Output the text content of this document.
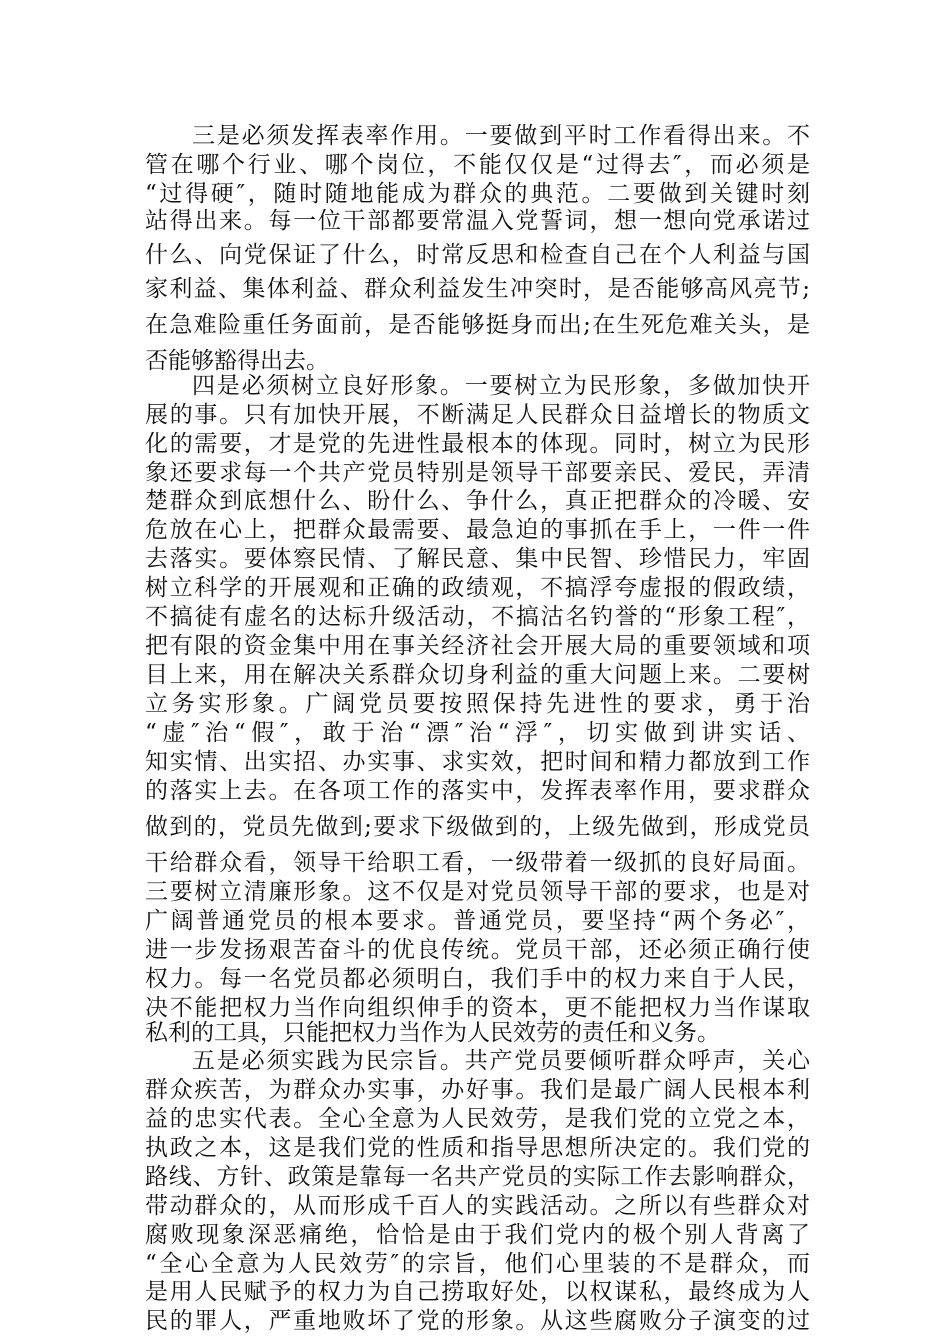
三是必须发挥表率作用。一要做到平时工作看得出来。不
管在哪个行业、哪个岗位，不能仅仅是“过得去″，而必须是
“过得硬″，随时随地能成为群众的典范。二要做到关键时刻
站得出来。每一位干部都要常温入党誓词，想一想向党承诺过
什么、向党保证了什么，时常反思和检查自己在个人利益与国
家利益、集体利益、群众利益发生冲突时，是否能够高风亮节;
在急难险重任务面前，是否能够挺身而出;在生死危难关头，是
否能够豁得出去。
四是必须树立良好形象。一要树立为民形象，多做加快开
展的事。只有加快开展，不断满足人民群众日益增长的物质文
化的需要，才是党的先进性最根本的体现。同时，树立为民形
象还要求每一个共产党员特别是领导干部要亲民、爱民，弄清
楚群众到底想什么、盼什么、争什么，真正把群众的冷暖、安
危放在心上，把群众最需要、最急迫的事抓在手上，一件一件
去落实。要体察民情、了解民意、集中民智、珍惜民力，牢固
树立科学的开展观和正确的政绩观，不搞浮夸虚报的假政绩，
不搞徒有虚名的达标升级活动，不搞沽名钓誉的“形象工程″，
把有限的资金集中用在事关经济社会开展大局的重要领域和项
目上来，用在解决关系群众切身利益的重大问题上来。二要树
立务实形象。广阔党员要按照保持先进性的要求，勇于治
“虚″治“假″，敢于治“漂″治“浮″，切实做到讲实话、
知实情、出实招、办实事、求实效，把时间和精力都放到工作
的落实上去。在各项工作的落实中，发挥表率作用，要求群众
做到的，党员先做到;要求下级做到的，上级先做到，形成党员
干给群众看，领导干给职工看，一级带着一级抓的良好局面。
三要树立清廉形象。这不仅是对党员领导干部的要求，也是对
广阔普通党员的根本要求。普通党员，要坚持“两个务必″，
进一步发扬艰苦奋斗的优良传统。党员干部，还必须正确行使
权力。每一名党员都必须明白，我们手中的权力来自于人民，
决不能把权力当作向组织伸手的资本，更不能把权力当作谋取
私利的工具，只能把权力当作为人民效劳的责任和义务。
五是必须实践为民宗旨。共产党员要倾听群众呼声，关心
群众疾苦，为群众办实事，办好事。我们是最广阔人民根本利
益的忠实代表。全心全意为人民效劳，是我们党的立党之本，
执政之本，这是我们党的性质和指导思想所决定的。我们党的
路线、方针、政策是靠每一名共产党员的实际工作去影响群众，
带动群众的，从而形成千百人的实践活动。之所以有些群众对
腐败现象深恶痛绝，恰恰是由于我们党内的极个别人背离了
“全心全意为人民效劳″的宗旨，他们心里装的不是群众，而
是用人民赋予的权力为自己捞取好处，以权谋私，最终成为人
民的罪人，严重地败坏了党的形象。从这些腐败分子演变的过
